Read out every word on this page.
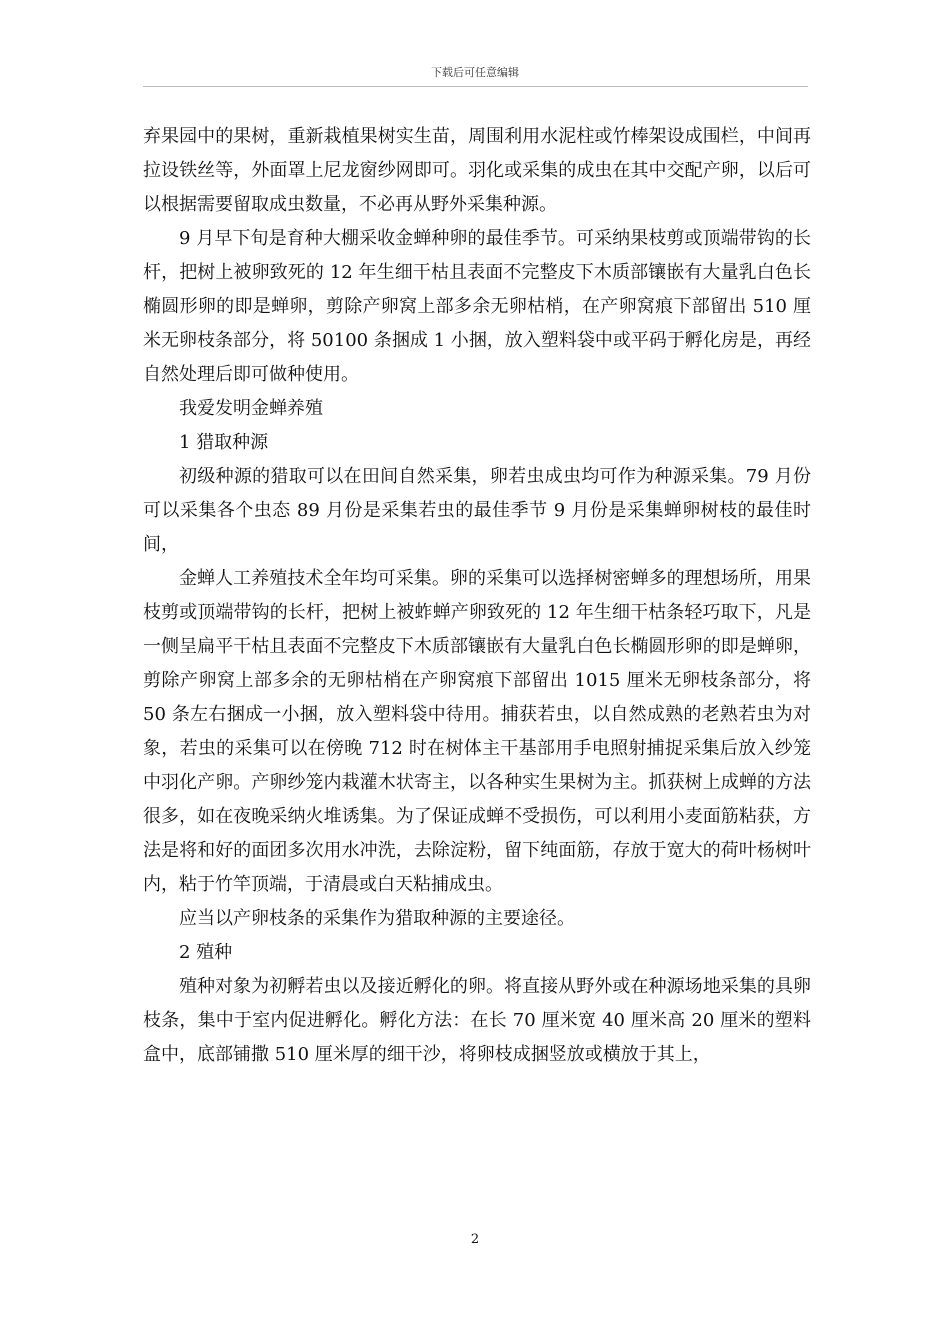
下载后可任意编辑

弃果园中的果树，重新栽植果树实生苗，周围利用水泥柱或竹棒架设成围栏，中间再拉设铁丝等，外面罩上尼龙窗纱网即可。羽化或采集的成虫在其中交配产卵，以后可以根据需要留取成虫数量，不必再从野外采集种源。

9 月早下旬是育种大棚采收金蝉种卵的最佳季节。可采纳果枝剪或顶端带钩的长杆，把树上被卵致死的 12 年生细干枯且表面不完整皮下木质部镶嵌有大量乳白色长椭圆形卵的即是蝉卵，剪除产卵窝上部多余无卵枯梢，在产卵窝痕下部留出 510 厘米无卵枝条部分，将 50100 条捆成 1 小捆，放入塑料袋中或平码于孵化房是，再经自然处理后即可做种使用。

我爱发明金蝉养殖

1 猎取种源

初级种源的猎取可以在田间自然采集，卵若虫成虫均可作为种源采集。79 月份可以采集各个虫态 89 月份是采集若虫的最佳季节 9 月份是采集蝉卵树枝的最佳时间，

金蝉人工养殖技术全年均可采集。卵的采集可以选择树密蝉多的理想场所，用果枝剪或顶端带钩的长杆，把树上被蚱蝉产卵致死的 12 年生细干枯条轻巧取下，凡是一侧呈扁平干枯且表面不完整皮下木质部镶嵌有大量乳白色长椭圆形卵的即是蝉卵，剪除产卵窝上部多余的无卵枯梢在产卵窝痕下部留出 1015 厘米无卵枝条部分，将 50 条左右捆成一小捆，放入塑料袋中待用。捕获若虫，以自然成熟的老熟若虫为对象，若虫的采集可以在傍晚 712 时在树体主干基部用手电照射捕捉采集后放入纱笼中羽化产卵。产卵纱笼内栽灌木状寄主，以各种实生果树为主。抓获树上成蝉的方法很多，如在夜晚采纳火堆诱集。为了保证成蝉不受损伤，可以利用小麦面筋粘获，方法是将和好的面团多次用水冲洗，去除淀粉，留下纯面筋，存放于宽大的荷叶杨树叶内，粘于竹竿顶端，于清晨或白天粘捕成虫。

应当以产卵枝条的采集作为猎取种源的主要途径。

2 殖种

殖种对象为初孵若虫以及接近孵化的卵。将直接从野外或在种源场地采集的具卵枝条，集中于室内促进孵化。孵化方法：在长 70 厘米宽 40 厘米高 20 厘米的塑料盒中，底部铺撒 510 厘米厚的细干沙，将卵枝成捆竖放或横放于其上，

2
